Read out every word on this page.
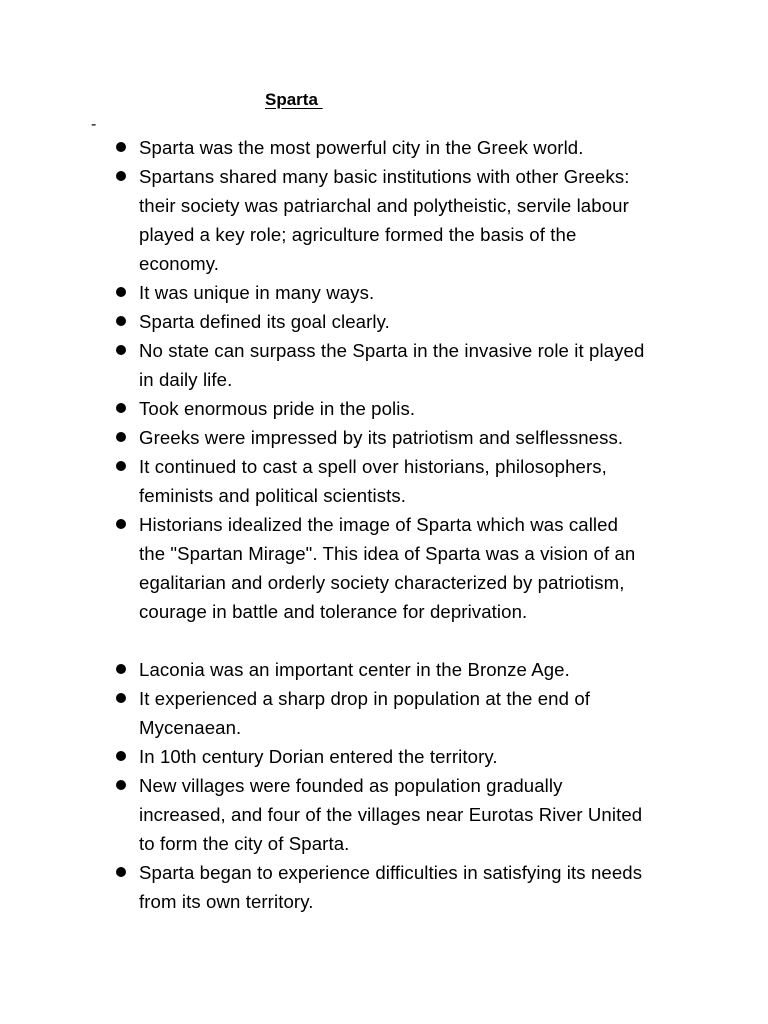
Sparta
-
Sparta was the most powerful city in the Greek world.
Spartans shared many basic institutions with other Greeks:
their society was patriarchal and polytheistic, servile labour
played a key role; agriculture formed the basis of the
economy.
It was unique in many ways.
Sparta defined its goal clearly.
No state can surpass the Sparta in the invasive role it played
in daily life.
Took enormous pride in the polis.
Greeks were impressed by its patriotism and selflessness.
It continued to cast a spell over historians, philosophers,
feminists and political scientists.
Historians idealized the image of Sparta which was called
the "Spartan Mirage". This idea of Sparta was a vision of an
egalitarian and orderly society characterized by patriotism,
courage in battle and tolerance for deprivation.
Laconia was an important center in the Bronze Age.
It experienced a sharp drop in population at the end of
Mycenaean.
In 10th century Dorian entered the territory.
New villages were founded as population gradually
increased, and four of the villages near Eurotas River United
to form the city of Sparta.
Sparta began to experience difficulties in satisfying its needs
from its own territory.
